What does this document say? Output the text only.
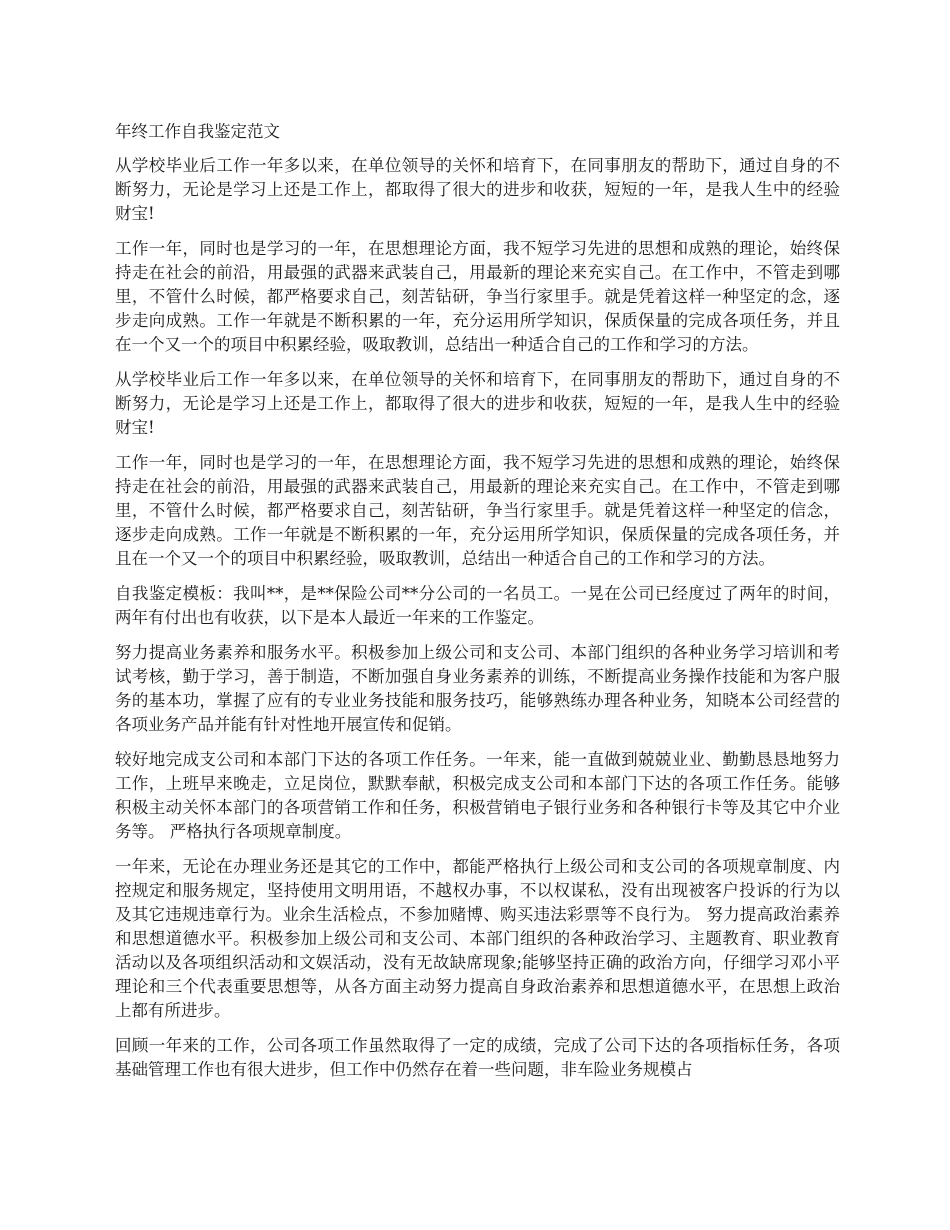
年终工作自我鉴定范文

从学校毕业后工作一年多以来，在单位领导的关怀和培育下，在同事朋友的帮助下，通过自身的不断努力，无论是学习上还是工作上，都取得了很大的进步和收获，短短的一年，是我人生中的经验财宝!

工作一年，同时也是学习的一年，在思想理论方面，我不短学习先进的思想和成熟的理论，始终保持走在社会的前沿，用最强的武器来武装自己，用最新的理论来充实自己。在工作中，不管走到哪里，不管什么时候，都严格要求自己，刻苦钻研，争当行家里手。就是凭着这样一种坚定的念，逐步走向成熟。工作一年就是不断积累的一年，充分运用所学知识，保质保量的完成各项任务，并且在一个又一个的项目中积累经验，吸取教训，总结出一种适合自己的工作和学习的方法。

从学校毕业后工作一年多以来，在单位领导的关怀和培育下，在同事朋友的帮助下，通过自身的不断努力，无论是学习上还是工作上，都取得了很大的进步和收获，短短的一年，是我人生中的经验财宝!

工作一年，同时也是学习的一年，在思想理论方面，我不短学习先进的思想和成熟的理论，始终保持走在社会的前沿，用最强的武器来武装自己，用最新的理论来充实自己。在工作中，不管走到哪里，不管什么时候，都严格要求自己，刻苦钻研，争当行家里手。就是凭着这样一种坚定的信念，逐步走向成熟。工作一年就是不断积累的一年，充分运用所学知识，保质保量的完成各项任务，并且在一个又一个的项目中积累经验，吸取教训，总结出一种适合自己的工作和学习的方法。

自我鉴定模板：我叫**，是**保险公司**分公司的一名员工。一晃在公司已经度过了两年的时间，两年有付出也有收获，以下是本人最近一年来的工作鉴定。

努力提高业务素养和服务水平。积极参加上级公司和支公司、本部门组织的各种业务学习培训和考试考核，勤于学习，善于制造，不断加强自身业务素养的训练，不断提高业务操作技能和为客户服务的基本功，掌握了应有的专业业务技能和服务技巧，能够熟练办理各种业务，知晓本公司经营的各项业务产品并能有针对性地开展宣传和促销。

较好地完成支公司和本部门下达的各项工作任务。一年来，能一直做到兢兢业业、勤勤恳恳地努力工作，上班早来晚走，立足岗位，默默奉献，积极完成支公司和本部门下达的各项工作任务。能够积极主动关怀本部门的各项营销工作和任务，积极营销电子银行业务和各种银行卡等及其它中介业务等。 严格执行各项规章制度。

一年来，无论在办理业务还是其它的工作中，都能严格执行上级公司和支公司的各项规章制度、内控规定和服务规定，坚持使用文明用语，不越权办事，不以权谋私，没有出现被客户投诉的行为以及其它违规违章行为。业余生活检点，不参加赌博、购买违法彩票等不良行为。 努力提高政治素养和思想道德水平。积极参加上级公司和支公司、本部门组织的各种政治学习、主题教育、职业教育活动以及各项组织活动和文娱活动，没有无故缺席现象;能够坚持正确的政治方向，仔细学习邓小平理论和三个代表重要思想等，从各方面主动努力提高自身政治素养和思想道德水平，在思想上政治上都有所进步。

回顾一年来的工作，公司各项工作虽然取得了一定的成绩，完成了公司下达的各项指标任务，各项基础管理工作也有很大进步，但工作中仍然存在着一些问题，非车险业务规模占
